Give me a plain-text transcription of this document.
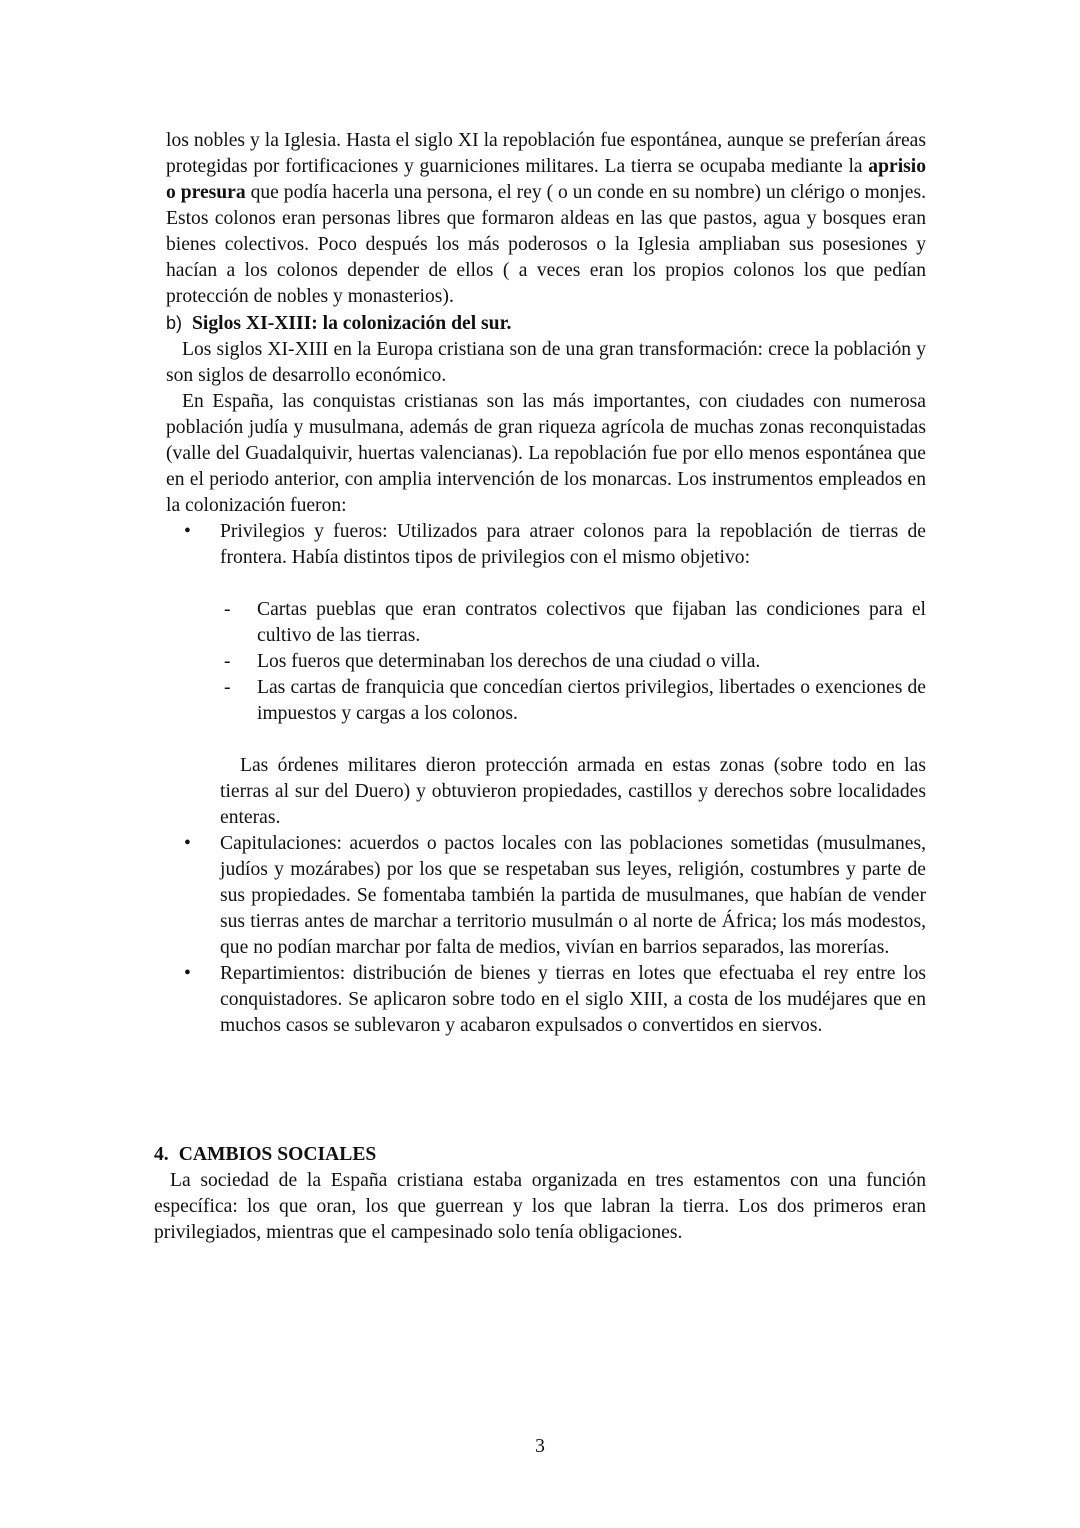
los nobles y la Iglesia. Hasta el siglo XI la repoblación fue espontánea, aunque se preferían áreas protegidas por fortificaciones y guarniciones militares. La tierra se ocupaba mediante la aprisio o presura que podía hacerla una persona, el rey ( o un conde en su nombre) un clérigo o monjes. Estos colonos eran personas libres que formaron aldeas en las que pastos, agua y bosques eran bienes colectivos. Poco después los más poderosos o la Iglesia ampliaban sus posesiones y hacían a los colonos depender de ellos ( a veces eran los propios colonos los que pedían protección de nobles y monasterios).

b) Siglos XI-XIII: la colonización del sur.

Los siglos XI-XIII en la Europa cristiana son de una gran transformación: crece la población y son siglos de desarrollo económico.

En España, las conquistas cristianas son las más importantes, con ciudades con numerosa población judía y musulmana, además de gran riqueza agrícola de muchas zonas reconquistadas (valle del Guadalquivir, huertas valencianas). La repoblación fue por ello menos espontánea que en el periodo anterior, con amplia intervención de los monarcas. Los instrumentos empleados en la colonización fueron:

• Privilegios y fueros: Utilizados para atraer colonos para la repoblación de tierras de frontera. Había distintos tipos de privilegios con el mismo objetivo:

- Cartas pueblas que eran contratos colectivos que fijaban las condiciones para el cultivo de las tierras.

- Los fueros que determinaban los derechos de una ciudad o villa.

- Las cartas de franquicia que concedían ciertos privilegios, libertades o exenciones de impuestos y cargas a los colonos.

Las órdenes militares dieron protección armada en estas zonas (sobre todo en las tierras al sur del Duero) y obtuvieron propiedades, castillos y derechos sobre localidades enteras.

• Capitulaciones: acuerdos o pactos locales con las poblaciones sometidas (musulmanes, judíos y mozárabes) por los que se respetaban sus leyes, religión, costumbres y parte de sus propiedades. Se fomentaba también la partida de musulmanes, que habían de vender sus tierras antes de marchar a territorio musulmán o al norte de África; los más modestos, que no podían marchar por falta de medios, vivían en barrios separados, las morerías.

• Repartimientos: distribución de bienes y tierras en lotes que efectuaba el rey entre los conquistadores. Se aplicaron sobre todo en el siglo XIII, a costa de los mudéjares que en muchos casos se sublevaron y acabaron expulsados o convertidos en siervos.

4. CAMBIOS SOCIALES

La sociedad de la España cristiana estaba organizada en tres estamentos con una función específica: los que oran, los que guerrean y los que labran la tierra. Los dos primeros eran privilegiados, mientras que el campesinado solo tenía obligaciones.

3
